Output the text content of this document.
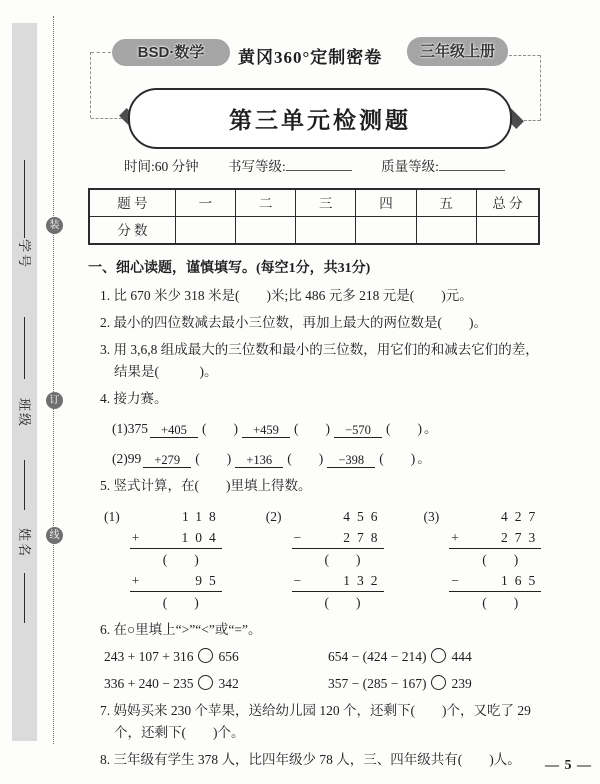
学号
班级
姓名
装
订
线
BSD·数学	黄冈360°定制密卷	三年级上册
第三单元检测题
时间:60 分钟 书写等级:	质量等级:
题 号	一	二	三	四	五	总 分
分 数						
一、细心读题，谨慎填写。(每空1分，共31分)
1. 比 670 米少 318 米是(　　)米;比 486 元多 218 元是(　　)元。
2. 最小的四位数减去最小三位数，再加上最大的两位数是(　　)。
3. 用 3,6,8 组成最大的三位数和最小的三位数，用它们的和减去它们的差，
结果是(　　　)。
4. 接力赛。
(1)375 +405 (　　) +459 (　　) −570 (　　) 。
(2)99 +279 (　　) +136 (　　) −398 (　　) 。
5. 竖式计算，在(　　)里填上得数。
(1)	118
+	104
(　　)
+	95
(　　)
(2)	456
−	278
(　　)
−	132
(　　)
(3)	427
+	273
(　　)
−	165
(　　)
6. 在○里填上“>”“<”或“=”。
243 + 107 + 316 656	654 − (424 − 214) 444
336 + 240 − 235 342	357 − (285 − 167) 239
7. 妈妈买来 230 个苹果，送给幼儿园 120 个，还剩下(　　)个，又吃了 29
个，还剩下(　　)个。
8. 三年级有学生 378 人，比四年级少 78 人，三、四年级共有(　　)人。	— 5 —
